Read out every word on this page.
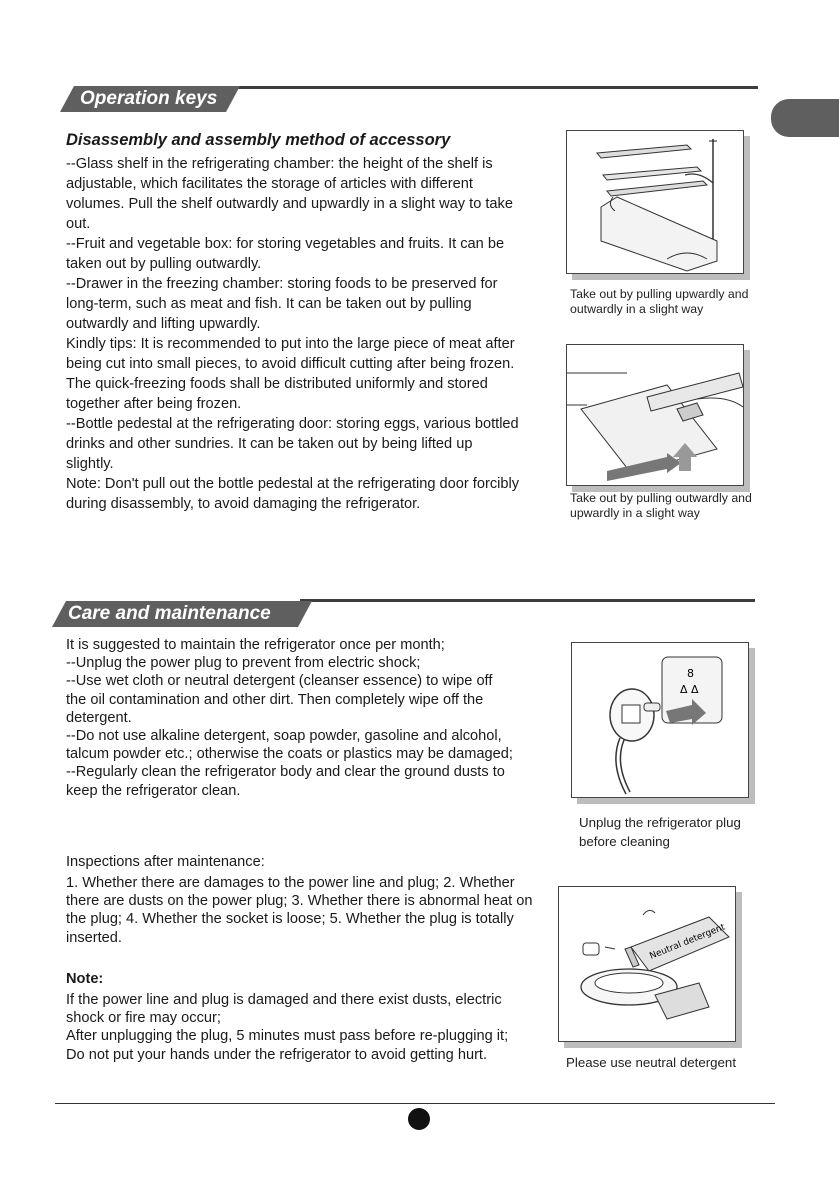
Operation keys
Disassembly and assembly method of accessory

--Glass shelf in the refrigerating chamber: the height of the shelf is adjustable, which facilitates the storage of articles with different volumes. Pull the shelf outwardly and upwardly in a slight way to take out.

--Fruit and vegetable box: for storing vegetables and fruits. It can be taken out by pulling outwardly.

--Drawer in the freezing chamber: storing foods to be preserved for long-term, such as meat and fish. It can be taken out by pulling outwardly and lifting upwardly.

Kindly tips: It is recommended to put into the large piece of meat after being cut into small pieces, to avoid difficult cutting after being frozen. The quick-freezing foods shall be distributed uniformly and stored together after being frozen.

--Bottle pedestal at the refrigerating door: storing eggs, various bottled drinks and other sundries. It can be taken out by being lifted up slightly.

Note: Don't pull out the bottle pedestal at the refrigerating door forcibly during disassembly, to avoid damaging the refrigerator.

Take out by pulling upwardly and outwardly in a slight way
Take out by pulling outwardly and upwardly in a slight way
Care and maintenance

It is suggested to maintain the refrigerator once per month;

--Unplug the power plug to prevent from electric shock;

--Use wet cloth or neutral detergent (cleanser essence) to wipe off the oil contamination and other dirt. Then completely wipe off the detergent.

--Do not use alkaline detergent, soap powder, gasoline and alcohol, talcum powder etc.; otherwise the coats or plastics may be damaged;

--Regularly clean the refrigerator body and clear the ground dusts to keep the refrigerator clean.

Inspections after maintenance:
1. Whether there are damages to the power line and plug; 2. Whether there are dusts on the power plug; 3. Whether there is abnormal heat on the plug; 4. Whether the socket is loose; 5. Whether the plug is totally inserted.
Note:

If the power line and plug is damaged and there exist dusts, electric shock or fire may occur;

After unplugging the plug, 5 minutes must pass before re-plugging it;

Do not put your hands under the refrigerator to avoid getting hurt.

8
Δ Δ
Unplug the refrigerator plug before cleaning
Neutral detergent
Please use neutral detergent
